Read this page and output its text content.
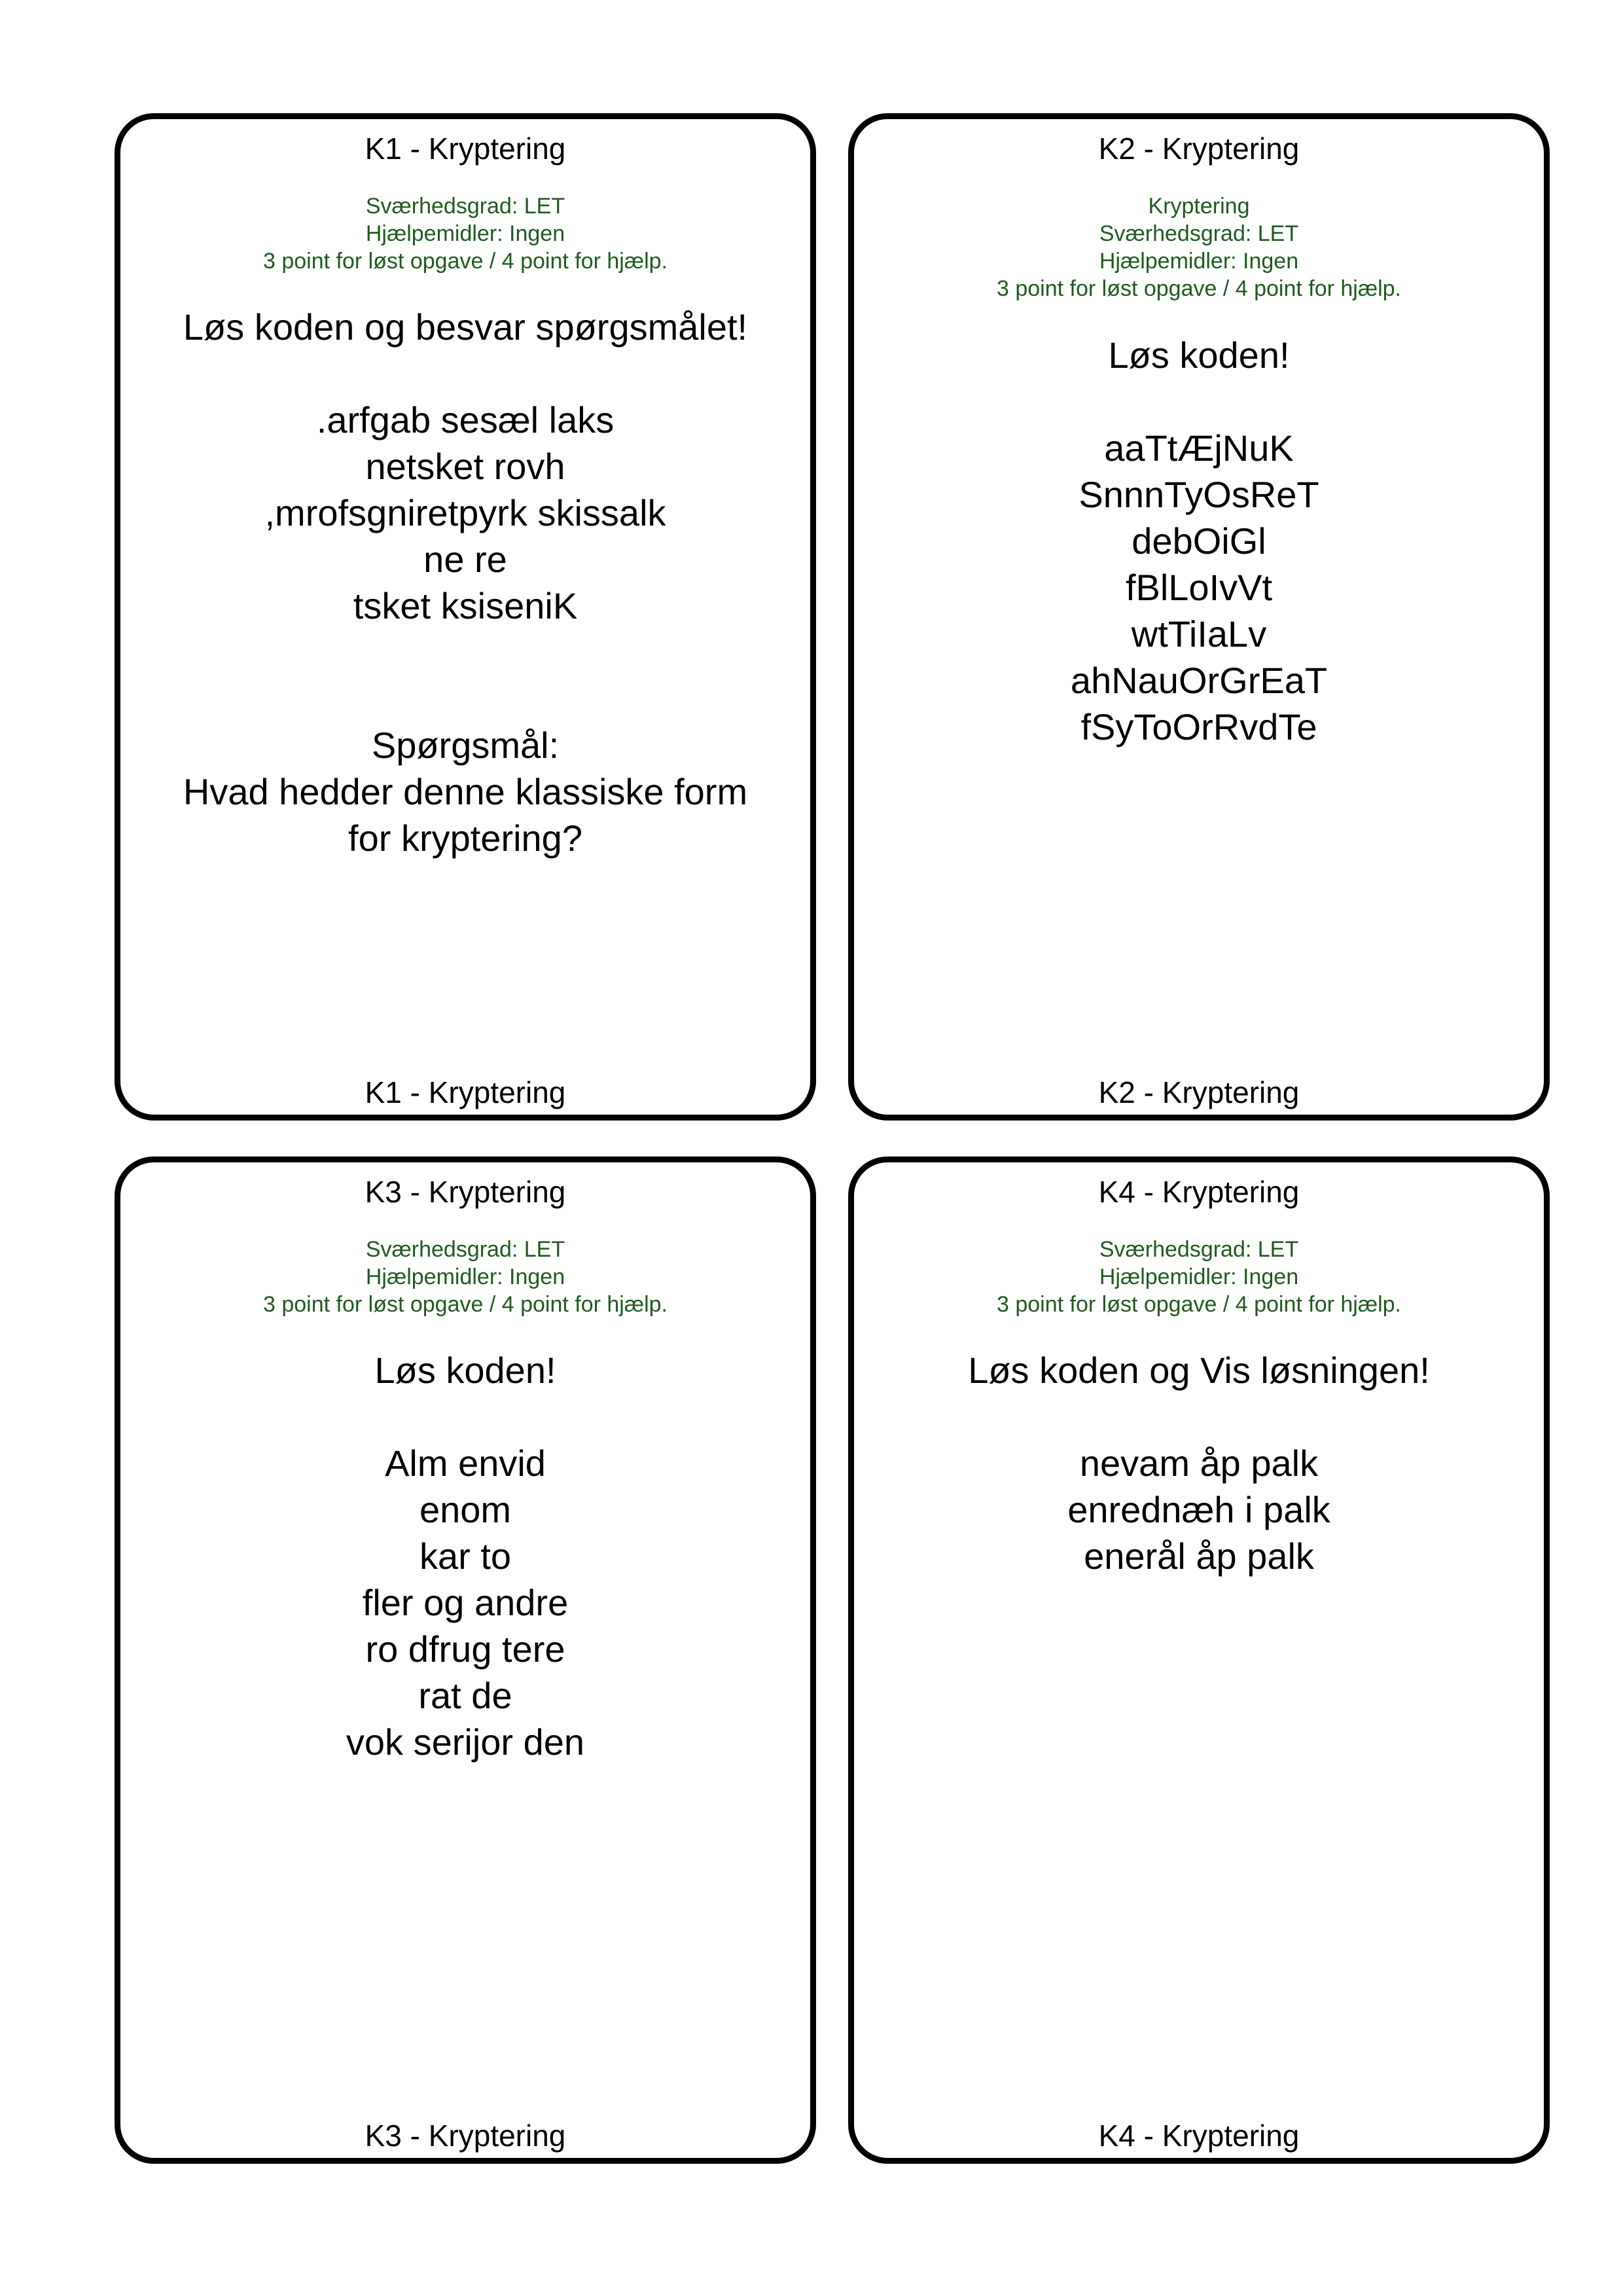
K1 - Kryptering
Sværhedsgrad: LET
Hjælpemidler: Ingen
3 point for løst opgave / 4 point for hjælp.
Løs koden og besvar spørgsmålet!
.arfgab sesæl laks
netsket rovh
,mrofsgniretpyrk skissalk
ne re
tsket ksiseniK
Spørgsmål:
Hvad hedder denne klassiske form
for kryptering?
K1 - Kryptering
K2 - Kryptering
Kryptering
Sværhedsgrad: LET
Hjælpemidler: Ingen
3 point for løst opgave / 4 point for hjælp.
Løs koden!
aaTtÆjNuK
SnnnTyOsReT
debOiGl
fBlLoIvVt
wtTiIaLv
ahNauOrGrEaT
fSyToOrRvdTe
K2 - Kryptering
K3 - Kryptering
Sværhedsgrad: LET
Hjælpemidler: Ingen
3 point for løst opgave / 4 point for hjælp.
Løs koden!
Alm envid
enom
kar to
fler og andre
ro dfrug tere
rat de
vok serijor den
K3 - Kryptering
K4 - Kryptering
Sværhedsgrad: LET
Hjælpemidler: Ingen
3 point for løst opgave / 4 point for hjælp.
Løs koden og Vis løsningen!
nevam åp palk
enrednæh i palk
enerål åp palk
K4 - Kryptering
